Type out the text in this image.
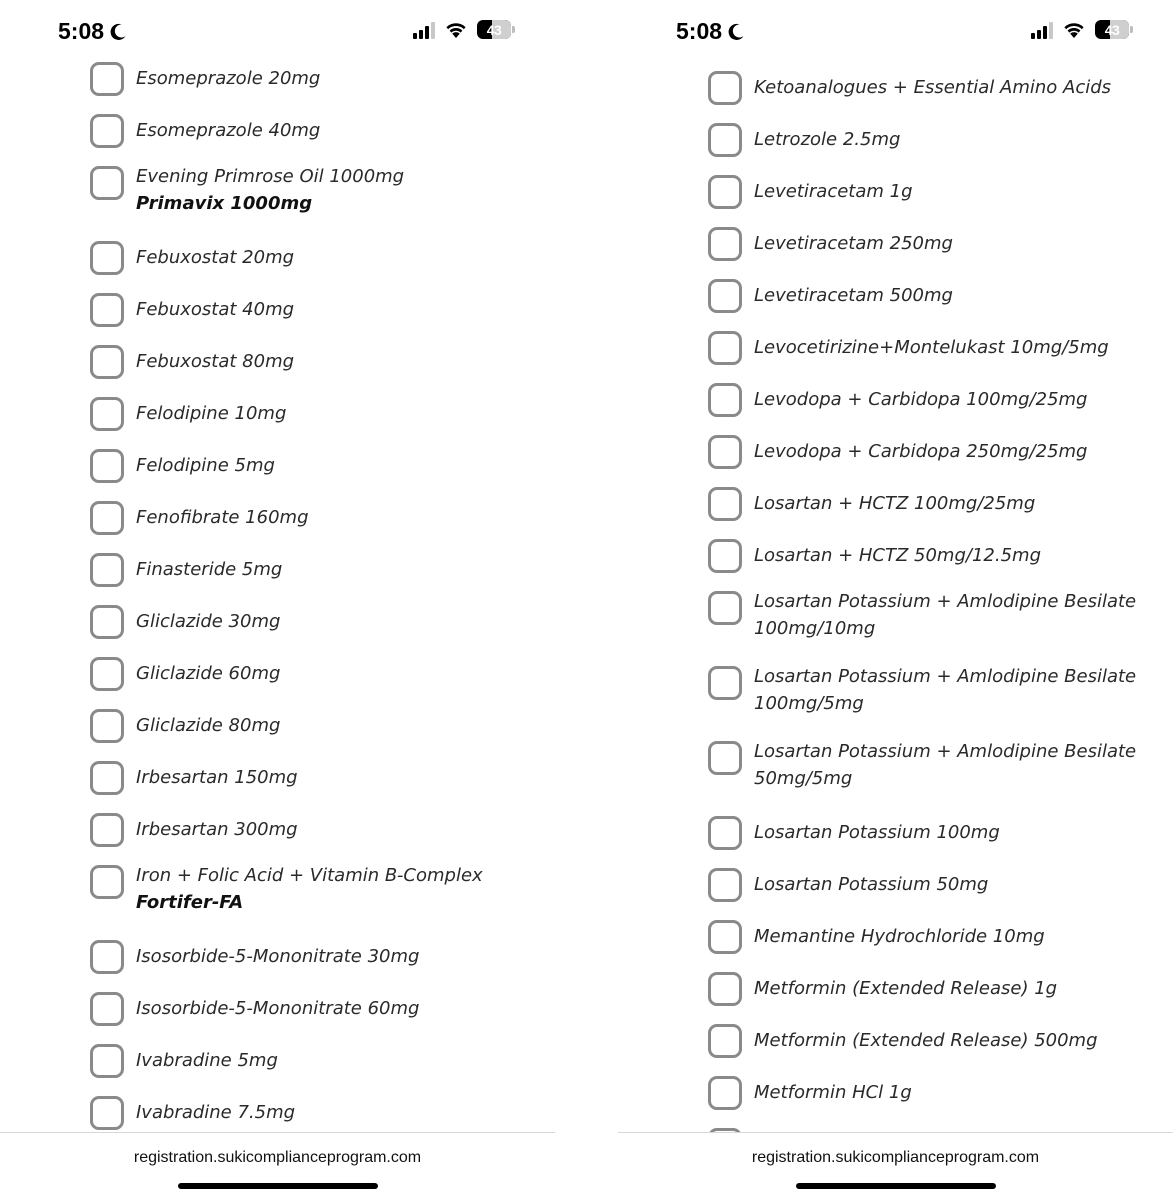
5:08	43
Esomeprazole 20mg
Esomeprazole 40mg
Evening Primrose Oil 1000mg
Primavix 1000mg
Febuxostat 20mg
Febuxostat 40mg
Febuxostat 80mg
Felodipine 10mg
Felodipine 5mg
Fenofibrate 160mg
Finasteride 5mg
Gliclazide 30mg
Gliclazide 60mg
Gliclazide 80mg
Irbesartan 150mg
Irbesartan 300mg
Iron + Folic Acid + Vitamin B-Complex
Fortifer-FA
Isosorbide-5-Mononitrate 30mg
Isosorbide-5-Mononitrate 60mg
Ivabradine 5mg
Ivabradine 7.5mg
registration.sukicomplianceprogram.com
5:08	43
Ketoanalogues + Essential Amino Acids
Letrozole 2.5mg
Levetiracetam 1g
Levetiracetam 250mg
Levetiracetam 500mg
Levocetirizine+Montelukast 10mg/5mg
Levodopa + Carbidopa 100mg/25mg
Levodopa + Carbidopa 250mg/25mg
Losartan + HCTZ 100mg/25mg
Losartan + HCTZ 50mg/12.5mg
Losartan Potassium + Amlodipine Besilate
100mg/10mg
Losartan Potassium + Amlodipine Besilate
100mg/5mg
Losartan Potassium + Amlodipine Besilate
50mg/5mg
Losartan Potassium 100mg
Losartan Potassium 50mg
Memantine Hydrochloride 10mg
Metformin (Extended Release) 1g
Metformin (Extended Release) 500mg
Metformin HCl 1g
registration.sukicomplianceprogram.com
